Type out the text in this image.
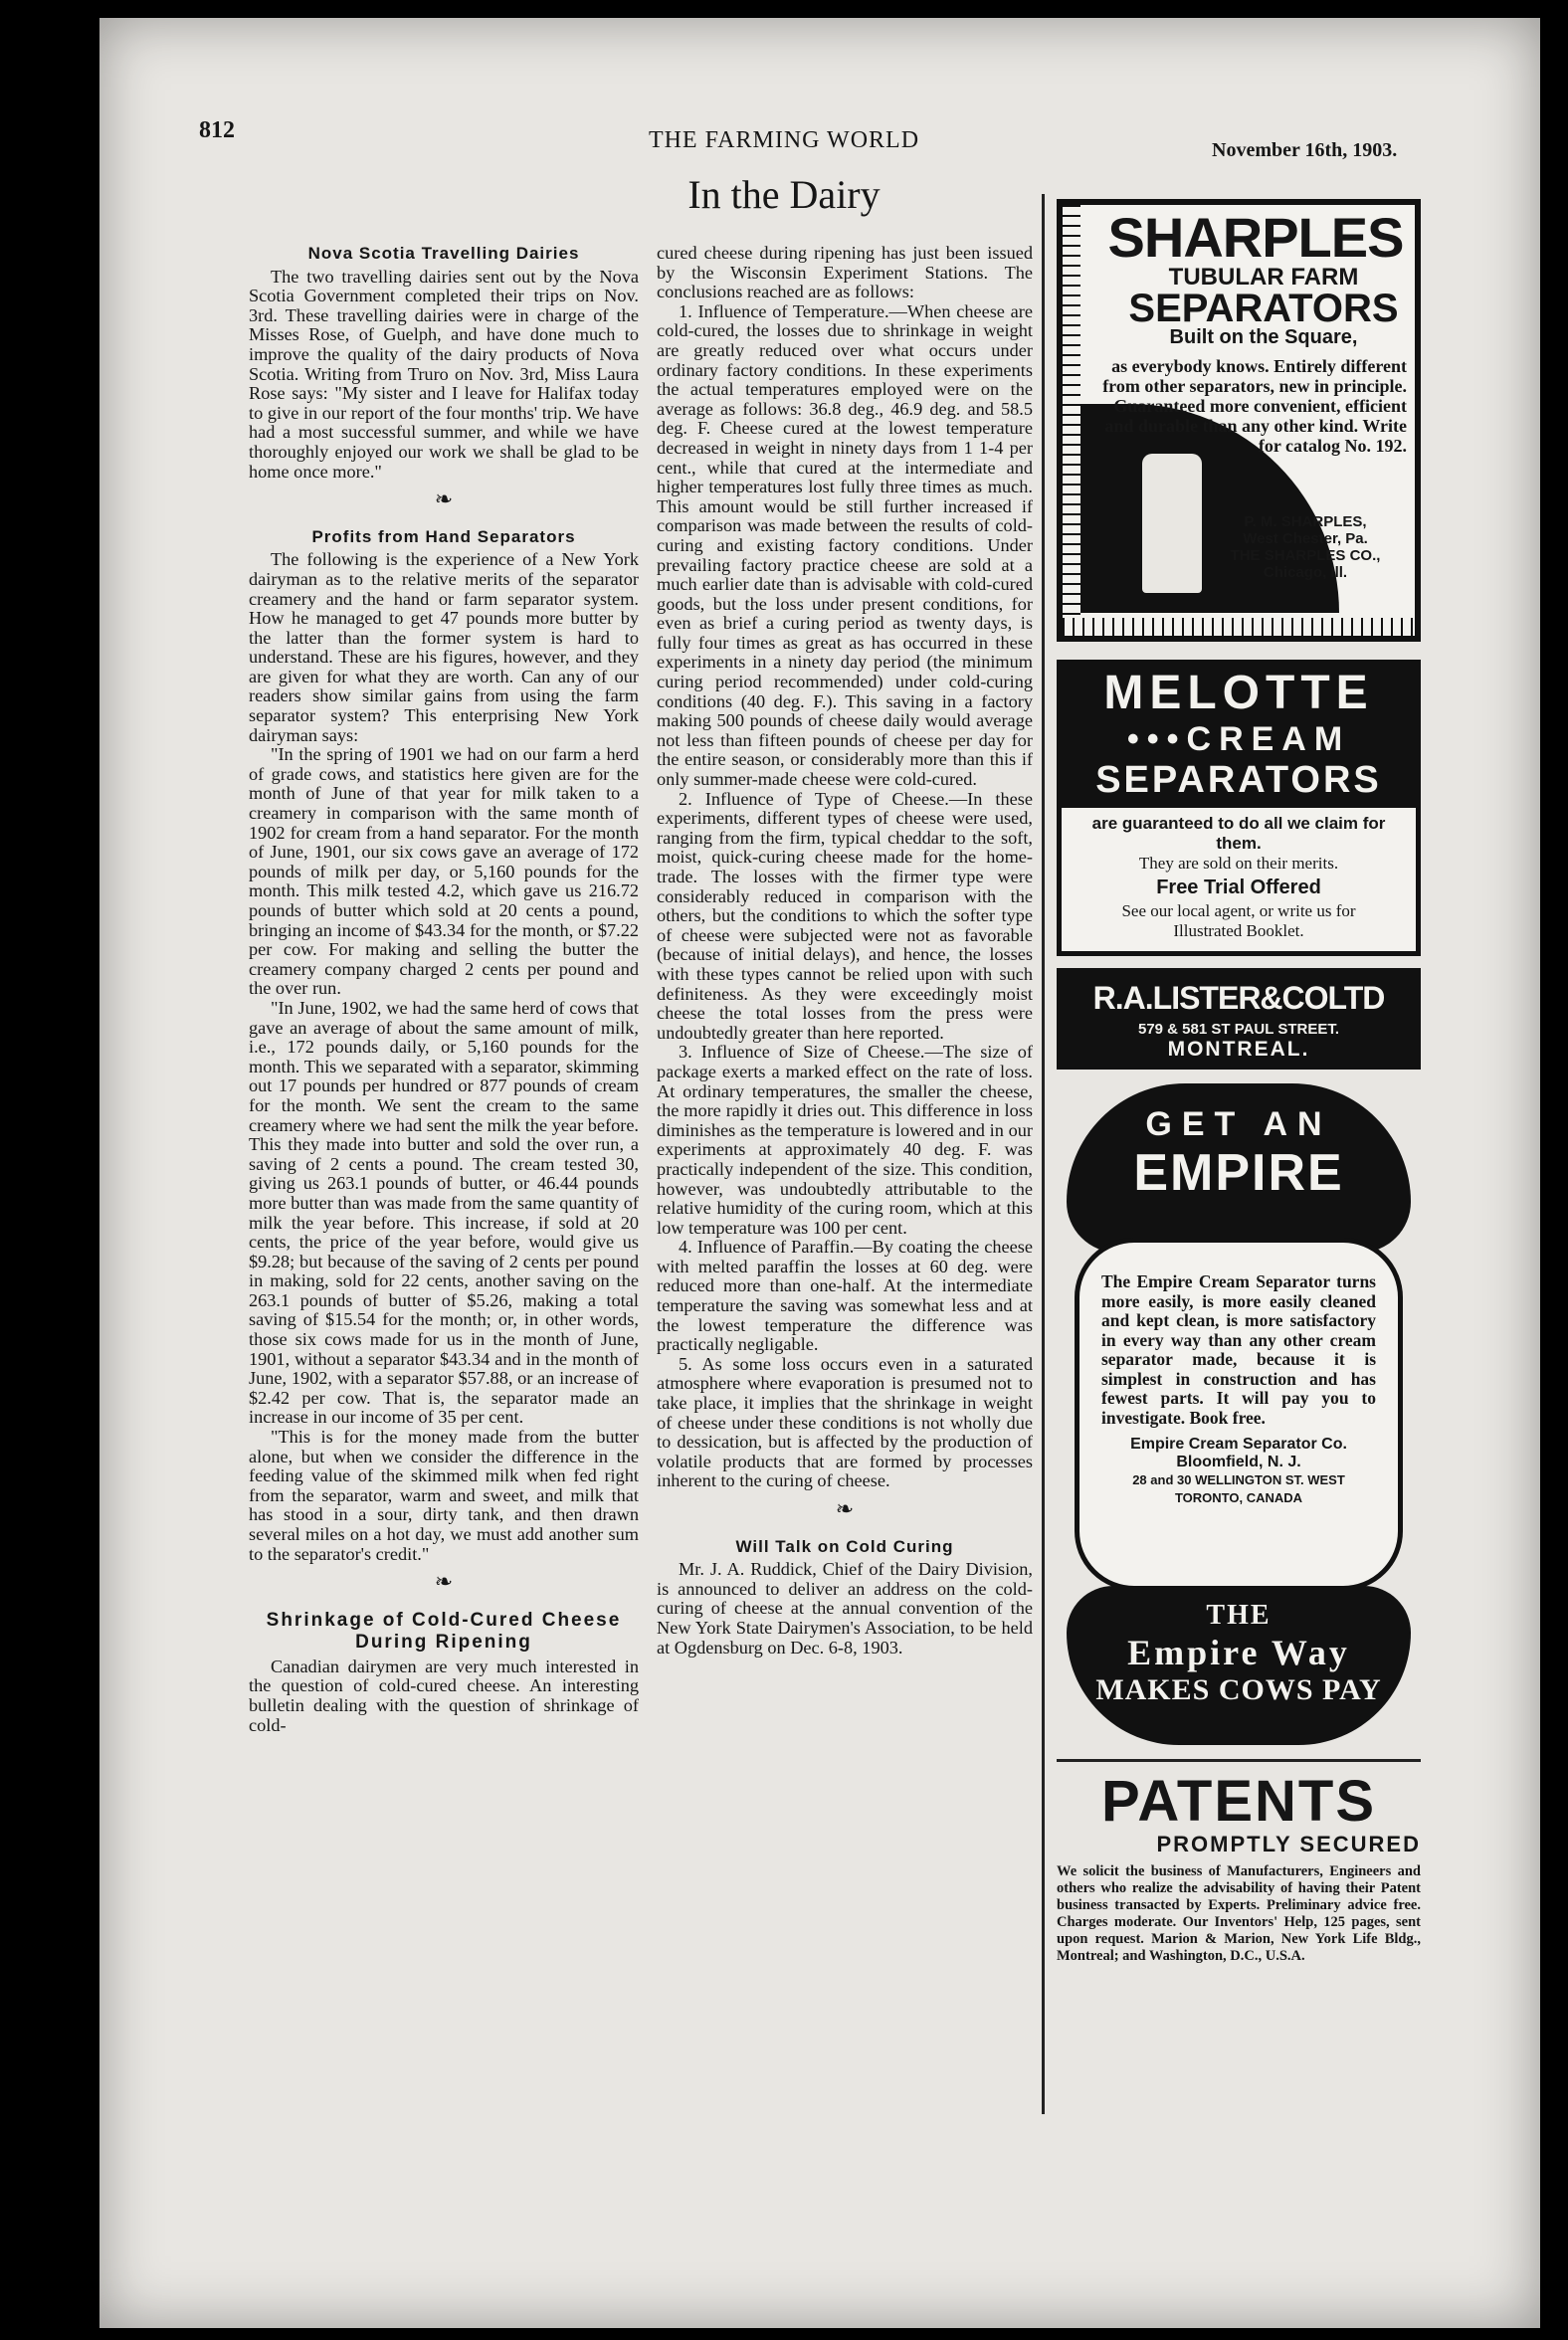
812	THE FARMING WORLD	November 16th, 1903.
In the Dairy
Nova Scotia Travelling Dairies

The two travelling dairies sent out by the Nova Scotia Government completed their trips on Nov. 3rd. These travelling dairies were in charge of the Misses Rose, of Guelph, and have done much to improve the quality of the dairy products of Nova Scotia. Writing from Truro on Nov. 3rd, Miss Laura Rose says: "My sister and I leave for Halifax today to give in our report of the four months' trip. We have had a most successful summer, and while we have thoroughly enjoyed our work we shall be glad to be home once more."

❧
Profits from Hand Separators

The following is the experience of a New York dairyman as to the relative merits of the separator creamery and the hand or farm separator system. How he managed to get 47 pounds more butter by the latter than the former system is hard to understand. These are his figures, however, and they are given for what they are worth. Can any of our readers show similar gains from using the farm separator system? This enterprising New York dairyman says:

"In the spring of 1901 we had on our farm a herd of grade cows, and statistics here given are for the month of June of that year for milk taken to a creamery in comparison with the same month of 1902 for cream from a hand separator. For the month of June, 1901, our six cows gave an average of 172 pounds of milk per day, or 5,160 pounds for the month. This milk tested 4.2, which gave us 216.72 pounds of butter which sold at 20 cents a pound, bringing an income of $43.34 for the month, or $7.22 per cow. For making and selling the butter the creamery company charged 2 cents per pound and the over run.

"In June, 1902, we had the same herd of cows that gave an average of about the same amount of milk, i.e., 172 pounds daily, or 5,160 pounds for the month. This we separated with a separator, skimming out 17 pounds per hundred or 877 pounds of cream for the month. We sent the cream to the same creamery where we had sent the milk the year before. This they made into butter and sold the over run, a saving of 2 cents a pound. The cream tested 30, giving us 263.1 pounds of butter, or 46.44 pounds more butter than was made from the same quantity of milk the year before. This increase, if sold at 20 cents, the price of the year before, would give us $9.28; but because of the saving of 2 cents per pound in making, sold for 22 cents, another saving on the 263.1 pounds of butter of $5.26, making a total saving of $15.54 for the month; or, in other words, those six cows made for us in the month of June, 1901, without a separator $43.34 and in the month of June, 1902, with a separator $57.88, or an increase of $2.42 per cow. That is, the separator made an increase in our income of 35 per cent.

"This is for the money made from the butter alone, but when we consider the difference in the feeding value of the skimmed milk when fed right from the separator, warm and sweet, and milk that has stood in a sour, dirty tank, and then drawn several miles on a hot day, we must add another sum to the separator's credit."

❧
Shrinkage of Cold-Cured Cheese During Ripening

Canadian dairymen are very much interested in the question of cold-cured cheese. An interesting bulletin dealing with the question of shrinkage of cold-

cured cheese during ripening has just been issued by the Wisconsin Experiment Stations. The conclusions reached are as follows:

1. Influence of Temperature.—When cheese are cold-cured, the losses due to shrinkage in weight are greatly reduced over what occurs under ordinary factory conditions. In these experiments the actual temperatures employed were on the average as follows: 36.8 deg., 46.9 deg. and 58.5 deg. F. Cheese cured at the lowest temperature decreased in weight in ninety days from 1 1-4 per cent., while that cured at the intermediate and higher temperatures lost fully three times as much. This amount would be still further increased if comparison was made between the results of cold-curing and existing factory conditions. Under prevailing factory practice cheese are sold at a much earlier date than is advisable with cold-cured goods, but the loss under present conditions, for even as brief a curing period as twenty days, is fully four times as great as has occurred in these experiments in a ninety day period (the minimum curing period recommended) under cold-curing conditions (40 deg. F.). This saving in a factory making 500 pounds of cheese daily would average not less than fifteen pounds of cheese per day for the entire season, or considerably more than this if only summer-made cheese were cold-cured.

2. Influence of Type of Cheese.—In these experiments, different types of cheese were used, ranging from the firm, typical cheddar to the soft, moist, quick-curing cheese made for the home-trade. The losses with the firmer type were considerably reduced in comparison with the others, but the conditions to which the softer type of cheese were subjected were not as favorable (because of initial delays), and hence, the losses with these types cannot be relied upon with such definiteness. As they were exceedingly moist cheese the total losses from the press were undoubtedly greater than here reported.

3. Influence of Size of Cheese.—The size of package exerts a marked effect on the rate of loss. At ordinary temperatures, the smaller the cheese, the more rapidly it dries out. This difference in loss diminishes as the temperature is lowered and in our experiments at approximately 40 deg. F. was practically independent of the size. This condition, however, was undoubtedly attributable to the relative humidity of the curing room, which at this low temperature was 100 per cent.

4. Influence of Paraffin.—By coating the cheese with melted paraffin the losses at 60 deg. were reduced more than one-half. At the intermediate temperature the saving was somewhat less and at the lowest temperature the difference was practically negligable.

5. As some loss occurs even in a saturated atmosphere where evaporation is presumed not to take place, it implies that the shrinkage in weight of cheese under these conditions is not wholly due to dessication, but is affected by the production of volatile products that are formed by processes inherent to the curing of cheese.

❧
Will Talk on Cold Curing

Mr. J. A. Ruddick, Chief of the Dairy Division, is announced to deliver an address on the cold-curing of cheese at the annual convention of the New York State Dairymen's Association, to be held at Ogdensburg on Dec. 6-8, 1903.

SHARPLES
TUBULAR FARM
SEPARATORS
Built on the Square,
as everybody knows. Entirely different from other separators, new in principle. Guaranteed more convenient, efficient and durable than any other kind. Write for catalog No. 192.
P. M. SHARPLES,
West Chester, Pa.
THE SHARPLES CO.,
Chicago, Ill.
MELOTTE
•••CREAM
SEPARATORS
are guaranteed to do all we claim for them.
They are sold on their merits.
Free Trial Offered
See our local agent, or write us for
Illustrated Booklet.
R.A.LISTER&COLTD
579 & 581 ST PAUL STREET.
MONTREAL.
GET AN
EMPIRE
The Empire Cream Separator turns more easily, is more easily cleaned and kept clean, is more satisfactory in every way than any other cream separator made, because it is simplest in construction and has fewest parts. It will pay you to investigate. Book free.
Empire Cream Separator Co.
Bloomfield, N. J.
28 and 30 WELLINGTON ST. WEST
TORONTO, CANADA
THE
Empire Way
MAKES COWS PAY
PATENTS
PROMPTLY SECURED
We solicit the business of Manufacturers, Engineers and others who realize the advisability of having their Patent business transacted by Experts. Preliminary advice free. Charges moderate. Our Inventors' Help, 125 pages, sent upon request. Marion & Marion, New York Life Bldg., Montreal; and Washington, D.C., U.S.A.
